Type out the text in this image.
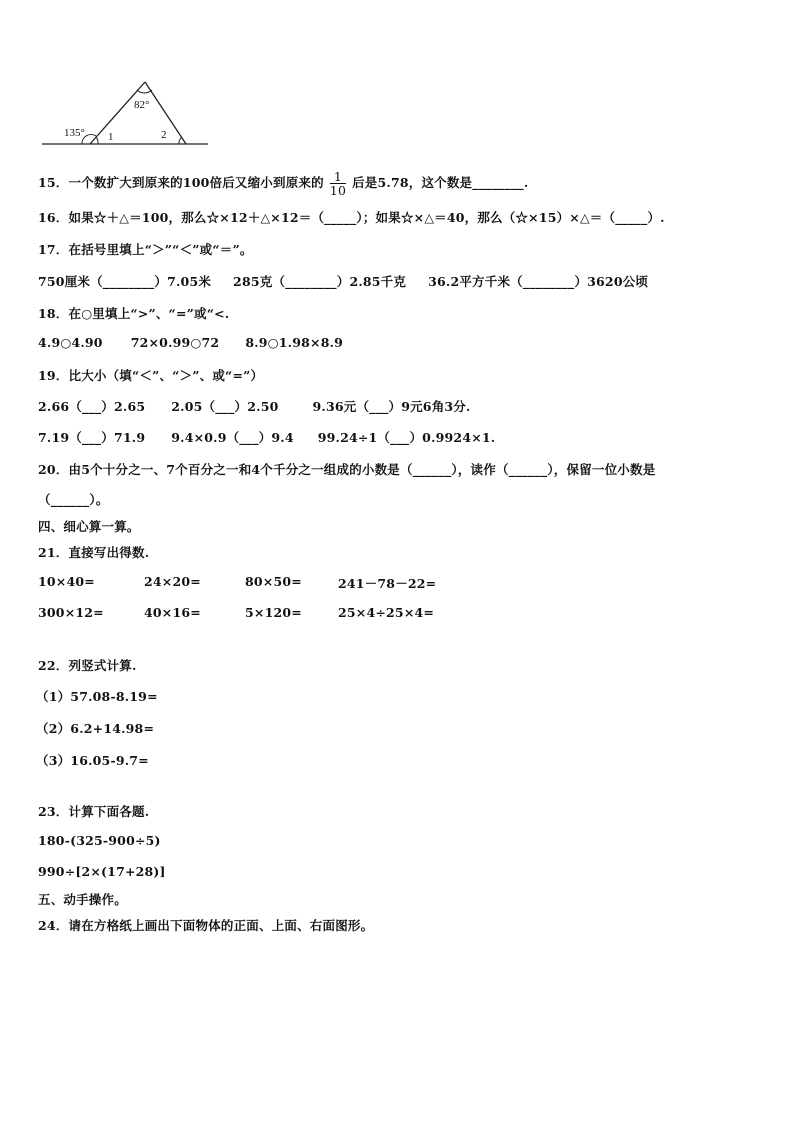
82°
135° 1	2
15．一个数扩大到原来的100倍后又缩小到原来的 $\frac{1}{10}$ 后是5.78，这个数是________.
16．如果☆＋△＝100，那么☆×12＋△×12＝（_____）；如果☆×△＝40，那么（☆×15）×△＝（_____）.
17．在括号里填上“＞”“＜”或“＝”。
750厘米（________）7.05米 285克（________）2.85千克 36.2平方千米（________）3620公顷
18．在○里填上“>”、“=”或“<.
4.9○4.90 72×0.99○72 8.9○1.98×8.9
19．比大小（填“＜”、“＞”、或“=”）
2.66（___）2.65 2.05（___）2.50	9.36元（___）9元6角3分.
7.19（___）71.9 9.4×0.9（___）9.4 99.24÷1（___）0.9924×1.
20．由5个十分之一、7个百分之一和4个千分之一组成的小数是（______），读作（______），保留一位小数是
（______）。
四、细心算一算。
21．直接写出得数.
10×40=	24×20=	80×50=	241－78－22=
300×12=	40×16=	5×120=	25×4÷25×4=
22．列竖式计算.
（1）57.08-8.19=
（2）6.2+14.98=
（3）16.05-9.7=
23．计算下面各题.
180-(325-900÷5)
990÷[2×(17+28)]
五、动手操作。
24．请在方格纸上画出下面物体的正面、上面、右面图形。
